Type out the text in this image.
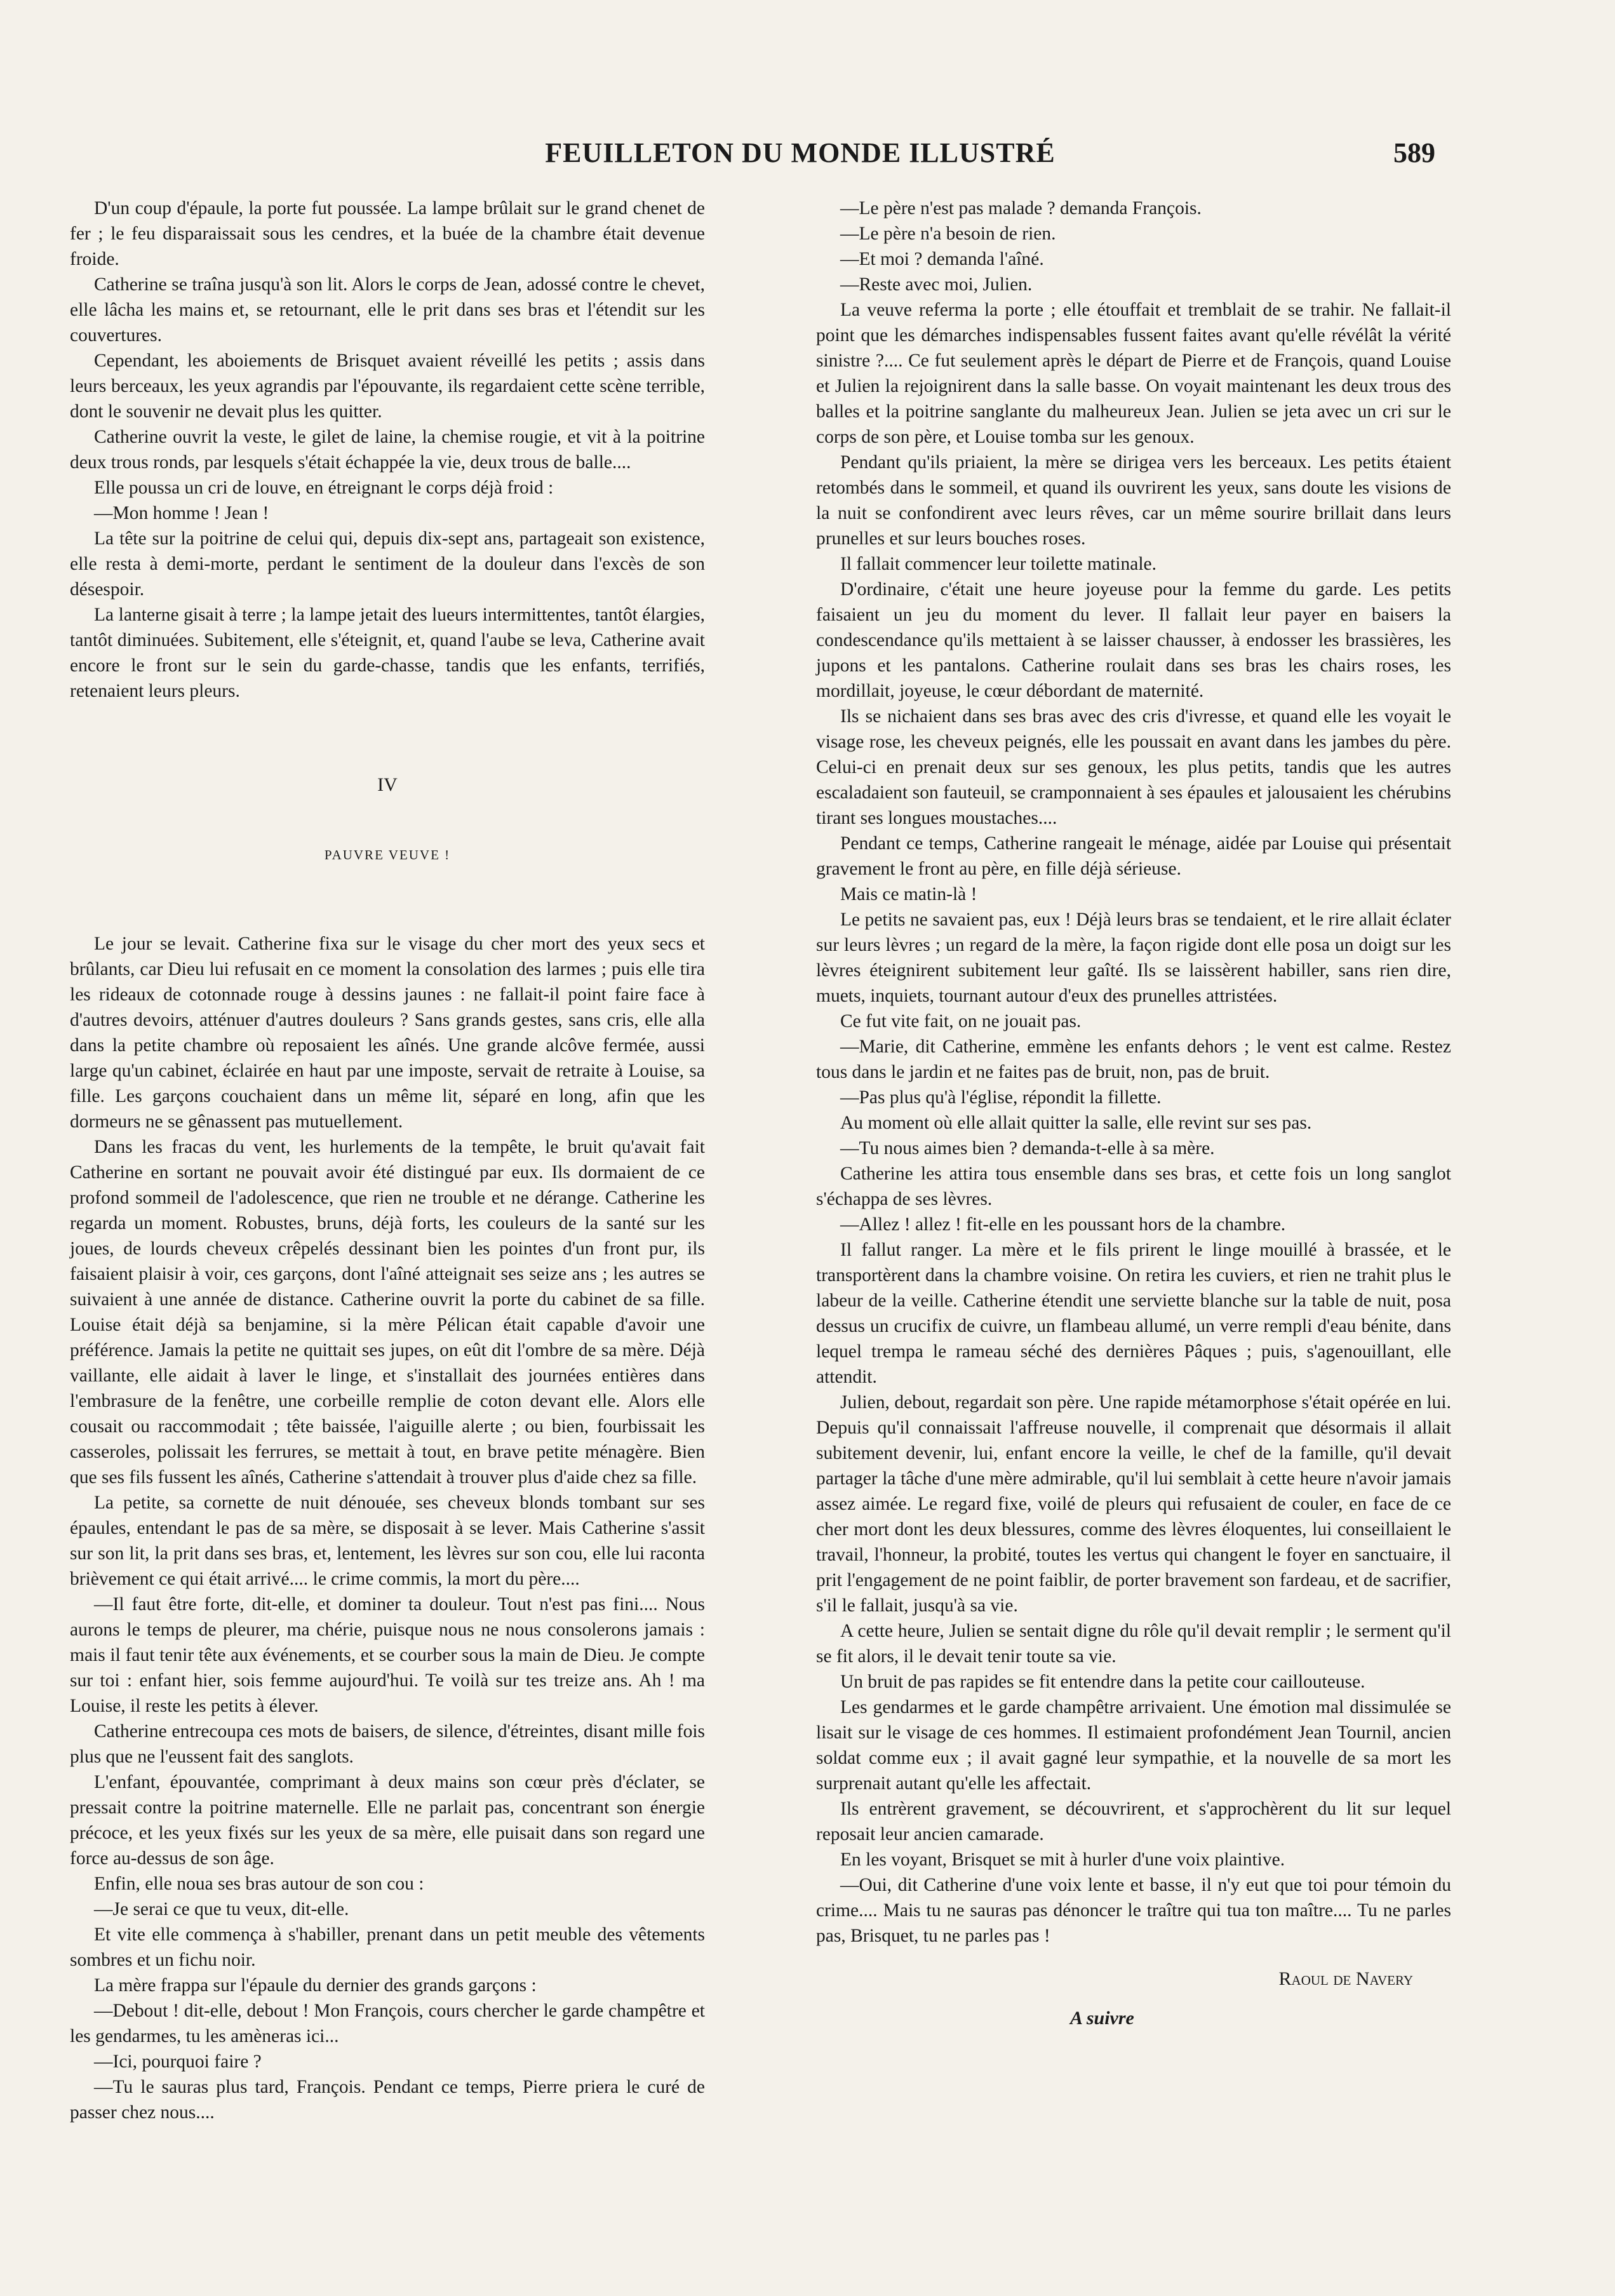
FEUILLETON DU MONDE ILLUSTRÉ	589

D'un coup d'épaule, la porte fut poussée. La lampe brûlait sur le grand chenet de fer ; le feu disparaissait sous les cendres, et la buée de la chambre était devenue froide.

Catherine se traîna jusqu'à son lit. Alors le corps de Jean, adossé contre le chevet, elle lâcha les mains et, se retournant, elle le prit dans ses bras et l'étendit sur les couvertures.

Cependant, les aboiements de Brisquet avaient réveillé les petits ; assis dans leurs berceaux, les yeux agrandis par l'épouvante, ils regardaient cette scène terrible, dont le souvenir ne devait plus les quitter.

Catherine ouvrit la veste, le gilet de laine, la chemise rougie, et vit à la poitrine deux trous ronds, par lesquels s'était échappée la vie, deux trous de balle....

Elle poussa un cri de louve, en étreignant le corps déjà froid :

—Mon homme ! Jean !

La tête sur la poitrine de celui qui, depuis dix-sept ans, partageait son existence, elle resta à demi-morte, perdant le sentiment de la douleur dans l'excès de son désespoir.

La lanterne gisait à terre ; la lampe jetait des lueurs intermittentes, tantôt élargies, tantôt diminuées. Subitement, elle s'éteignit, et, quand l'aube se leva, Catherine avait encore le front sur le sein du garde-chasse, tandis que les enfants, terrifiés, retenaient leurs pleurs.

IV
PAUVRE VEUVE !

Le jour se levait. Catherine fixa sur le visage du cher mort des yeux secs et brûlants, car Dieu lui refusait en ce moment la consolation des larmes ; puis elle tira les rideaux de cotonnade rouge à dessins jaunes : ne fallait-il point faire face à d'autres devoirs, atténuer d'autres douleurs ? Sans grands gestes, sans cris, elle alla dans la petite chambre où reposaient les aînés. Une grande alcôve fermée, aussi large qu'un cabinet, éclairée en haut par une imposte, servait de retraite à Louise, sa fille. Les garçons couchaient dans un même lit, séparé en long, afin que les dormeurs ne se gênassent pas mutuellement.

Dans les fracas du vent, les hurlements de la tempête, le bruit qu'avait fait Catherine en sortant ne pouvait avoir été distingué par eux. Ils dormaient de ce profond sommeil de l'adolescence, que rien ne trouble et ne dérange. Catherine les regarda un moment. Robustes, bruns, déjà forts, les couleurs de la santé sur les joues, de lourds cheveux crêpelés dessinant bien les pointes d'un front pur, ils faisaient plaisir à voir, ces garçons, dont l'aîné atteignait ses seize ans ; les autres se suivaient à une année de distance. Catherine ouvrit la porte du cabinet de sa fille. Louise était déjà sa benjamine, si la mère Pélican était capable d'avoir une préférence. Jamais la petite ne quittait ses jupes, on eût dit l'ombre de sa mère. Déjà vaillante, elle aidait à laver le linge, et s'installait des journées entières dans l'embrasure de la fenêtre, une corbeille remplie de coton devant elle. Alors elle cousait ou raccommodait ; tête baissée, l'aiguille alerte ; ou bien, fourbissait les casseroles, polissait les ferrures, se mettait à tout, en brave petite ménagère. Bien que ses fils fussent les aînés, Catherine s'attendait à trouver plus d'aide chez sa fille.

La petite, sa cornette de nuit dénouée, ses cheveux blonds tombant sur ses épaules, entendant le pas de sa mère, se disposait à se lever. Mais Catherine s'assit sur son lit, la prit dans ses bras, et, lentement, les lèvres sur son cou, elle lui raconta brièvement ce qui était arrivé.... le crime commis, la mort du père....

—Il faut être forte, dit-elle, et dominer ta douleur. Tout n'est pas fini.... Nous aurons le temps de pleurer, ma chérie, puisque nous ne nous consolerons jamais : mais il faut tenir tête aux événements, et se courber sous la main de Dieu. Je compte sur toi : enfant hier, sois femme aujourd'hui. Te voilà sur tes treize ans. Ah ! ma Louise, il reste les petits à élever.

Catherine entrecoupa ces mots de baisers, de silence, d'étreintes, disant mille fois plus que ne l'eussent fait des sanglots.

L'enfant, épouvantée, comprimant à deux mains son cœur près d'éclater, se pressait contre la poitrine maternelle. Elle ne parlait pas, concentrant son énergie précoce, et les yeux fixés sur les yeux de sa mère, elle puisait dans son regard une force au-dessus de son âge.

Enfin, elle noua ses bras autour de son cou :

—Je serai ce que tu veux, dit-elle.

Et vite elle commença à s'habiller, prenant dans un petit meuble des vêtements sombres et un fichu noir.

La mère frappa sur l'épaule du dernier des grands garçons :

—Debout ! dit-elle, debout ! Mon François, cours chercher le garde champêtre et les gendarmes, tu les amèneras ici...

—Ici, pourquoi faire ?

—Tu le sauras plus tard, François. Pendant ce temps, Pierre priera le curé de passer chez nous....

—Le père n'est pas malade ? demanda François.

—Le père n'a besoin de rien.

—Et moi ? demanda l'aîné.

—Reste avec moi, Julien.

La veuve referma la porte ; elle étouffait et tremblait de se trahir. Ne fallait-il point que les démarches indispensables fussent faites avant qu'elle révélât la vérité sinistre ?.... Ce fut seulement après le départ de Pierre et de François, quand Louise et Julien la rejoignirent dans la salle basse. On voyait maintenant les deux trous des balles et la poitrine sanglante du malheureux Jean. Julien se jeta avec un cri sur le corps de son père, et Louise tomba sur les genoux.

Pendant qu'ils priaient, la mère se dirigea vers les berceaux. Les petits étaient retombés dans le sommeil, et quand ils ouvrirent les yeux, sans doute les visions de la nuit se confondirent avec leurs rêves, car un même sourire brillait dans leurs prunelles et sur leurs bouches roses.

Il fallait commencer leur toilette matinale.

D'ordinaire, c'était une heure joyeuse pour la femme du garde. Les petits faisaient un jeu du moment du lever. Il fallait leur payer en baisers la condescendance qu'ils mettaient à se laisser chausser, à endosser les brassières, les jupons et les pantalons. Catherine roulait dans ses bras les chairs roses, les mordillait, joyeuse, le cœur débordant de maternité.

Ils se nichaient dans ses bras avec des cris d'ivresse, et quand elle les voyait le visage rose, les cheveux peignés, elle les poussait en avant dans les jambes du père. Celui-ci en prenait deux sur ses genoux, les plus petits, tandis que les autres escaladaient son fauteuil, se cramponnaient à ses épaules et jalousaient les chérubins tirant ses longues moustaches....

Pendant ce temps, Catherine rangeait le ménage, aidée par Louise qui présentait gravement le front au père, en fille déjà sérieuse.

Mais ce matin-là !

Le petits ne savaient pas, eux ! Déjà leurs bras se tendaient, et le rire allait éclater sur leurs lèvres ; un regard de la mère, la façon rigide dont elle posa un doigt sur les lèvres éteignirent subitement leur gaîté. Ils se laissèrent habiller, sans rien dire, muets, inquiets, tournant autour d'eux des prunelles attristées.

Ce fut vite fait, on ne jouait pas.

—Marie, dit Catherine, emmène les enfants dehors ; le vent est calme. Restez tous dans le jardin et ne faites pas de bruit, non, pas de bruit.

—Pas plus qu'à l'église, répondit la fillette.

Au moment où elle allait quitter la salle, elle revint sur ses pas.

—Tu nous aimes bien ? demanda-t-elle à sa mère.

Catherine les attira tous ensemble dans ses bras, et cette fois un long sanglot s'échappa de ses lèvres.

—Allez ! allez ! fit-elle en les poussant hors de la chambre.

Il fallut ranger. La mère et le fils prirent le linge mouillé à brassée, et le transportèrent dans la chambre voisine. On retira les cuviers, et rien ne trahit plus le labeur de la veille. Catherine étendit une serviette blanche sur la table de nuit, posa dessus un crucifix de cuivre, un flambeau allumé, un verre rempli d'eau bénite, dans lequel trempa le rameau séché des dernières Pâques ; puis, s'agenouillant, elle attendit.

Julien, debout, regardait son père. Une rapide métamorphose s'était opérée en lui. Depuis qu'il connaissait l'affreuse nouvelle, il comprenait que désormais il allait subitement devenir, lui, enfant encore la veille, le chef de la famille, qu'il devait partager la tâche d'une mère admirable, qu'il lui semblait à cette heure n'avoir jamais assez aimée. Le regard fixe, voilé de pleurs qui refusaient de couler, en face de ce cher mort dont les deux blessures, comme des lèvres éloquentes, lui conseillaient le travail, l'honneur, la probité, toutes les vertus qui changent le foyer en sanctuaire, il prit l'engagement de ne point faiblir, de porter bravement son fardeau, et de sacrifier, s'il le fallait, jusqu'à sa vie.

A cette heure, Julien se sentait digne du rôle qu'il devait remplir ; le serment qu'il se fit alors, il le devait tenir toute sa vie.

Un bruit de pas rapides se fit entendre dans la petite cour caillouteuse.

Les gendarmes et le garde champêtre arrivaient. Une émotion mal dissimulée se lisait sur le visage de ces hommes. Il estimaient profondément Jean Tournil, ancien soldat comme eux ; il avait gagné leur sympathie, et la nouvelle de sa mort les surprenait autant qu'elle les affectait.

Ils entrèrent gravement, se découvrirent, et s'approchèrent du lit sur lequel reposait leur ancien camarade.

En les voyant, Brisquet se mit à hurler d'une voix plaintive.

—Oui, dit Catherine d'une voix lente et basse, il n'y eut que toi pour témoin du crime.... Mais tu ne sauras pas dénoncer le traître qui tua ton maître.... Tu ne parles pas, Brisquet, tu ne parles pas !

Raoul de Navery
A suivre
